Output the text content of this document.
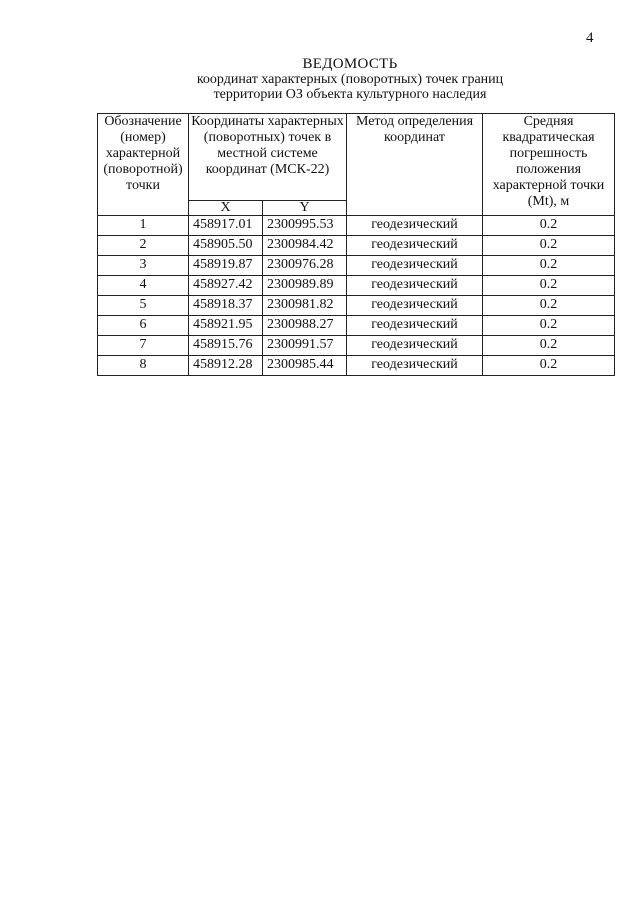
4
ВЕДОМОСТЬ
координат характерных (поворотных) точек границ
территории ОЗ объекта культурного наследия
Обозначение (номер) характерной (поворотной) точки	Координаты характерных (поворотных) точек в местной системе координат (МСК-22)		Метод определения координат	Средняя квадратическая погрешность положения характерной точки (Mt), м
	X	Y		
1	458917.01	2300995.53	геодезический	0.2
2	458905.50	2300984.42	геодезический	0.2
3	458919.87	2300976.28	геодезический	0.2
4	458927.42	2300989.89	геодезический	0.2
5	458918.37	2300981.82	геодезический	0.2
6	458921.95	2300988.27	геодезический	0.2
7	458915.76	2300991.57	геодезический	0.2
8	458912.28	2300985.44	геодезический	0.2
